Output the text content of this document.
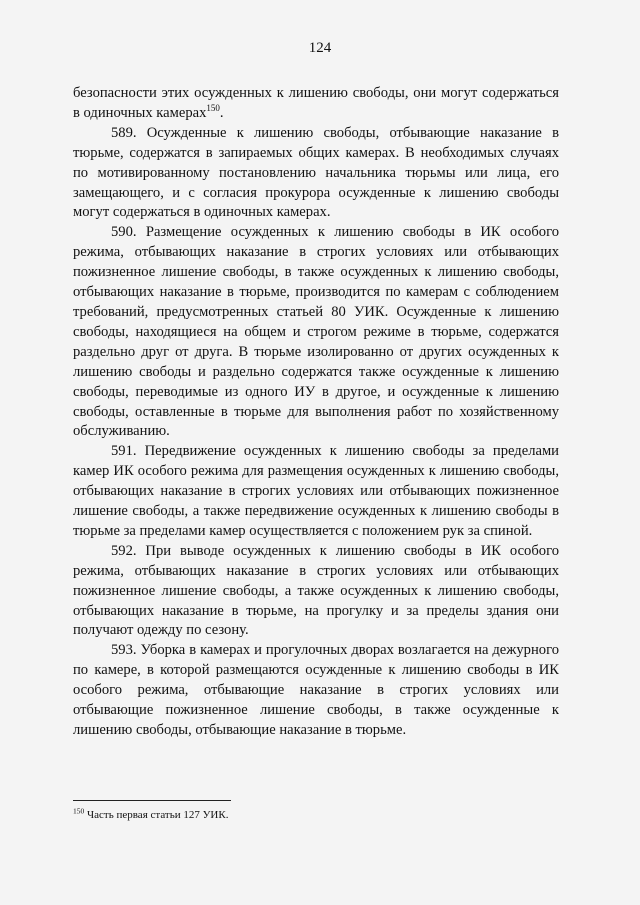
124

безопасности этих осужденных к лишению свободы, они могут содержаться в одиночных камерах$^{150}$.

589. Осужденные к лишению свободы, отбывающие наказание в тюрьме, содержатся в запираемых общих камерах. В необходимых случаях по мотивированному постановлению начальника тюрьмы или лица, его замещающего, и с согласия прокурора осужденные к лишению свободы могут содержаться в одиночных камерах.

590. Размещение осужденных к лишению свободы в ИК особого режима, отбывающих наказание в строгих условиях или отбывающих пожизненное лишение свободы, в также осужденных к лишению свободы, отбывающих наказание в тюрьме, производится по камерам с соблюдением требований, предусмотренных статьей 80 УИК. Осужденные к лишению свободы, находящиеся на общем и строгом режиме в тюрьме, содержатся раздельно друг от друга. В тюрьме изолированно от других осужденных к лишению свободы и раздельно содержатся также осужденные к лишению свободы, переводимые из одного ИУ в другое, и осужденные к лишению свободы, оставленные в тюрьме для выполнения работ по хозяйственному обслуживанию.

591. Передвижение осужденных к лишению свободы за пределами камер ИК особого режима для размещения осужденных к лишению свободы, отбывающих наказание в строгих условиях или отбывающих пожизненное лишение свободы, а также передвижение осужденных к лишению свободы в тюрьме за пределами камер осуществляется с положением рук за спиной.

592. При выводе осужденных к лишению свободы в ИК особого режима, отбывающих наказание в строгих условиях или отбывающих пожизненное лишение свободы, а также осужденных к лишению свободы, отбывающих наказание в тюрьме, на прогулку и за пределы здания они получают одежду по сезону.

593. Уборка в камерах и прогулочных дворах возлагается на дежурного по камере, в которой размещаются осужденные к лишению свободы в ИК особого режима, отбывающие наказание в строгих условиях или отбывающие пожизненное лишение свободы, в также осужденные к лишению свободы, отбывающие наказание в тюрьме.

$^{150}$ Часть первая статьи 127 УИК.
